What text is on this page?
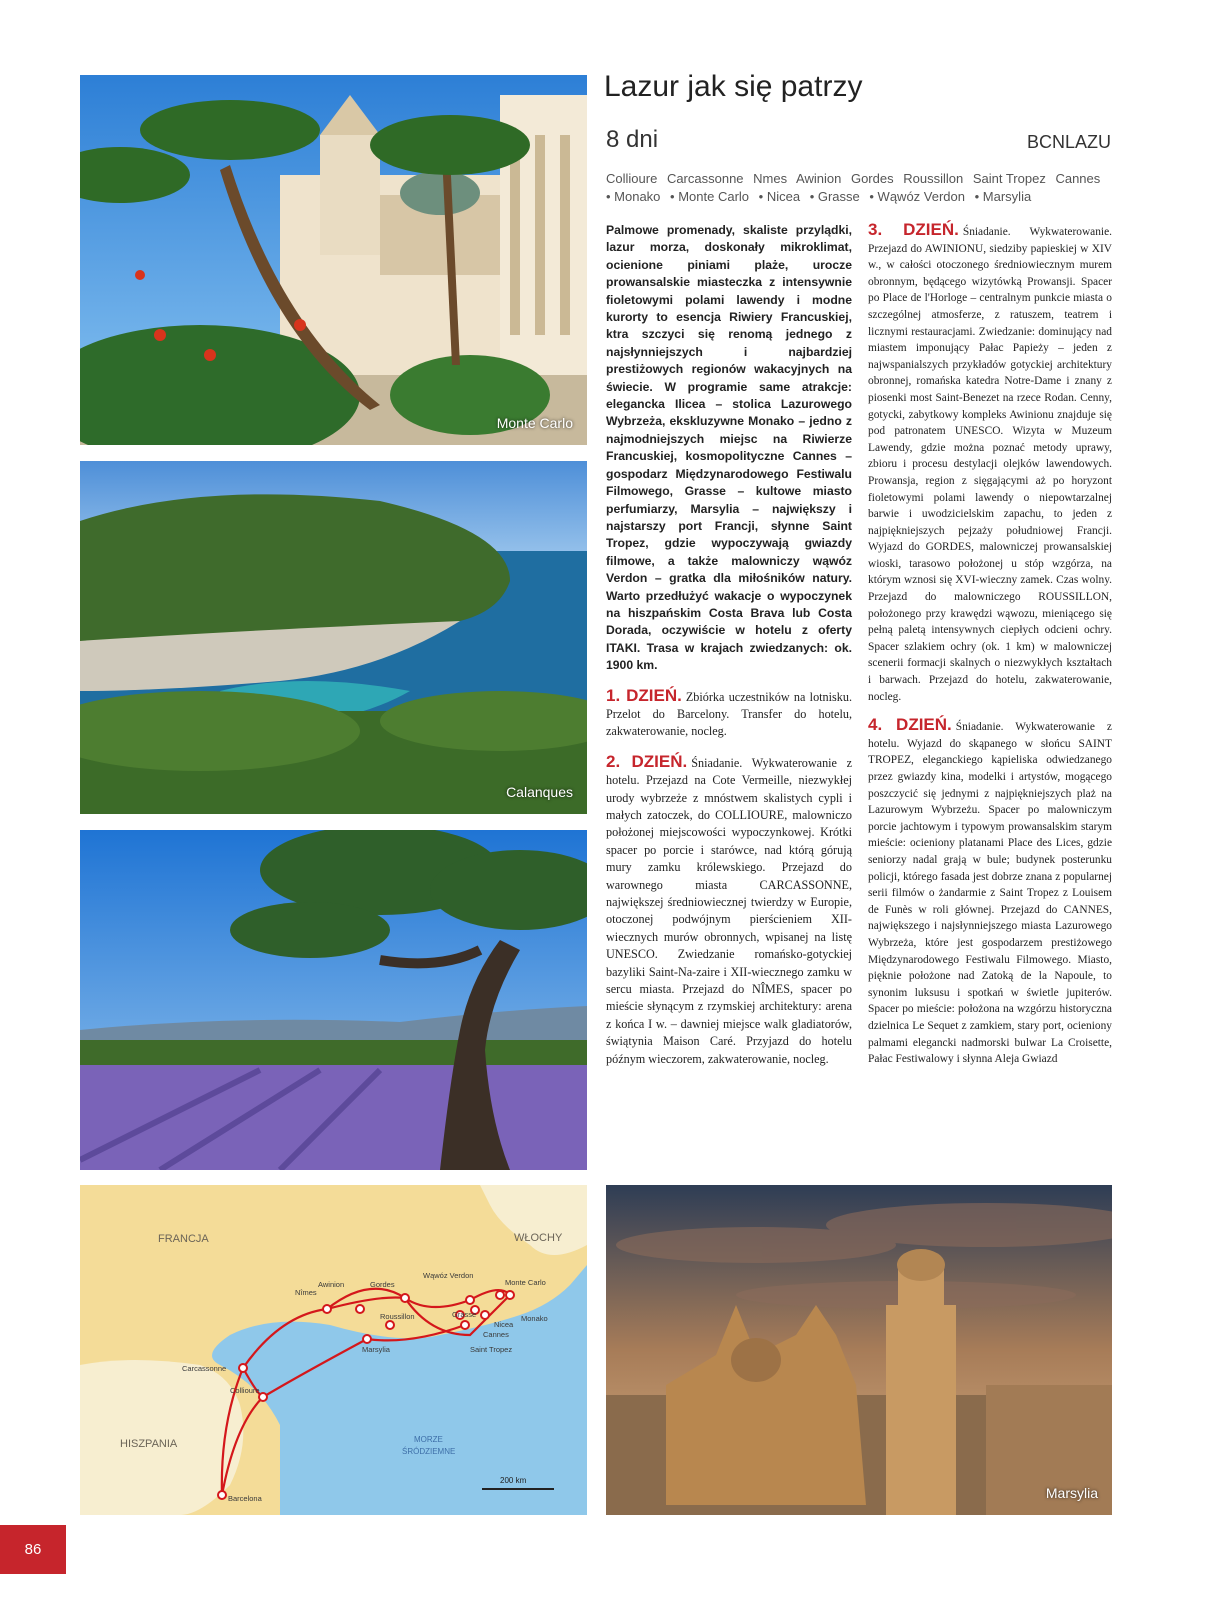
Monte Carlo
Calanques
FRANCJA	WŁOCHY
HISZPANIA	MORZE
ŚRÓDZIEMNE
Nîmes
Awinion	Gordes
Wąwóz Verdon
Monte Carlo
Roussillon	Grasse
Nicea
Monako
Cannes
Marsylia	Saint Tropez
Carcassonne
Collioure
Barcelona
200 km
Marsylia
Lazur jak się patrzy
8 dni	BCNLAZU
Collioure Carcassonne Nmes Awinion Gordes Roussillon Saint Tropez Cannes • Monako • Monte Carlo • Nicea • Grasse • Wąwóz Verdon • Marsylia
Palmowe promenady, skaliste przylądki, lazur morza, doskonały mikroklimat, ocienione piniami plaże, urocze prowansalskie miasteczka z intensywnie fioletowymi polami lawendy i modne kurorty to esencja Riwiery Francuskiej, ktra szczyci się renomą jednego z najsłynniejszych i najbardziej prestiżowych regionów wakacyjnych na świecie. W programie same atrakcje: elegancka Ilicea – stolica Lazurowego Wybrzeża, ekskluzywne Monako – jedno z najmodniejszych miejsc na Riwierze Francuskiej, kosmopolityczne Cannes – gospodarz Międzynarodowego Festiwalu Filmowego, Grasse – kultowe miasto perfumiarzy, Marsylia – największy i najstarszy port Francji, słynne Saint Tropez, gdzie wypoczywają gwiazdy filmowe, a także malowniczy wąwóz Verdon – gratka dla miłośników natury. Warto przedłużyć wakacje o wypoczynek na hiszpańskim Costa Brava lub Costa Dorada, oczywiście w hotelu z oferty ITAKI. Trasa w krajach zwiedzanych: ok. 1900 km.
1. DZIEŃ. Zbiórka uczestników na lotnisku. Przelot do Barcelony. Transfer do hotelu, zakwaterowanie, nocleg.
2. DZIEŃ. Śniadanie. Wykwaterowanie z hotelu. Przejazd na Cote Vermeille, niezwykłej urody wybrzeże z mnóstwem skalistych cypli i małych zatoczek, do COLLIOURE, malowniczo położonej miejscowości wypoczynkowej. Krótki spacer po porcie i starówce, nad którą górują mury zamku królewskiego. Przejazd do warownego miasta CARCASSONNE, największej średniowiecznej twierdzy w Europie, otoczonej podwójnym pierścieniem XII-wiecznych murów obronnych, wpisanej na listę UNESCO. Zwiedzanie romańsko-gotyckiej bazyliki Saint-Na-zaire i XII-wiecznego zamku w sercu miasta. Przejazd do NÎMES, spacer po mieście słynącym z rzymskiej architektury: arena z końca I w. – dawniej miejsce walk gladiatorów, świątynia Maison Caré. Przyjazd do hotelu późnym wieczorem, zakwaterowanie, nocleg.
3. DZIEŃ. Śniadanie. Wykwaterowanie. Przejazd do AWINIONU, siedziby papieskiej w XIV w., w całości otoczonego średniowiecznym murem obronnym, będącego wizytówką Prowansji. Spacer po Place de l'Horloge – centralnym punkcie miasta o szczególnej atmosferze, z ratuszem, teatrem i licznymi restauracjami. Zwiedzanie: dominujący nad miastem imponujący Pałac Papieży – jeden z najwspanialszych przykładów gotyckiej architektury obronnej, romańska katedra Notre-Dame i znany z piosenki most Saint-Benezet na rzece Rodan. Cenny, gotycki, zabytkowy kompleks Awinionu znajduje się pod patronatem UNESCO. Wizyta w Muzeum Lawendy, gdzie można poznać metody uprawy, zbioru i procesu destylacji olejków lawendowych. Prowansja, region z sięgającymi aż po horyzont fioletowymi polami lawendy o niepowtarzalnej barwie i uwodzicielskim zapachu, to jeden z najpiękniejszych pejzaży południowej Francji. Wyjazd do GORDES, malowniczej prowansalskiej wioski, tarasowo położonej u stóp wzgórza, na którym wznosi się XVI-wieczny zamek. Czas wolny. Przejazd do malowniczego ROUSSILLON, położonego przy krawędzi wąwozu, mieniącego się pełną paletą intensywnych ciepłych odcieni ochry. Spacer szlakiem ochry (ok. 1 km) w malowniczej scenerii formacji skalnych o niezwykłych kształtach i barwach. Przejazd do hotelu, zakwaterowanie, nocleg.
4. DZIEŃ. Śniadanie. Wykwaterowanie z hotelu. Wyjazd do skąpanego w słońcu SAINT TROPEZ, eleganckiego kąpieliska odwiedzanego przez gwiazdy kina, modelki i artystów, mogącego poszczycić się jednymi z najpiękniejszych plaż na Lazurowym Wybrzeżu. Spacer po malowniczym porcie jachtowym i typowym prowansalskim starym mieście: ocieniony platanami Place des Lices, gdzie seniorzy nadal grają w bule; budynek posterunku policji, którego fasada jest dobrze znana z popularnej serii filmów o żandarmie z Saint Tropez z Louisem de Funès w roli głównej. Przejazd do CANNES, największego i najsłynniejszego miasta Lazurowego Wybrzeża, które jest gospodarzem prestiżowego Międzynarodowego Festiwalu Filmowego. Miasto, pięknie położone nad Zatoką de la Napoule, to synonim luksusu i spotkań w świetle jupiterów. Spacer po mieście: położona na wzgórzu historyczna dzielnica Le Sequet z zamkiem, stary port, ocieniony palmami elegancki nadmorski bulwar La Croisette, Pałac Festiwalowy i słynna Aleja Gwiazd
86
